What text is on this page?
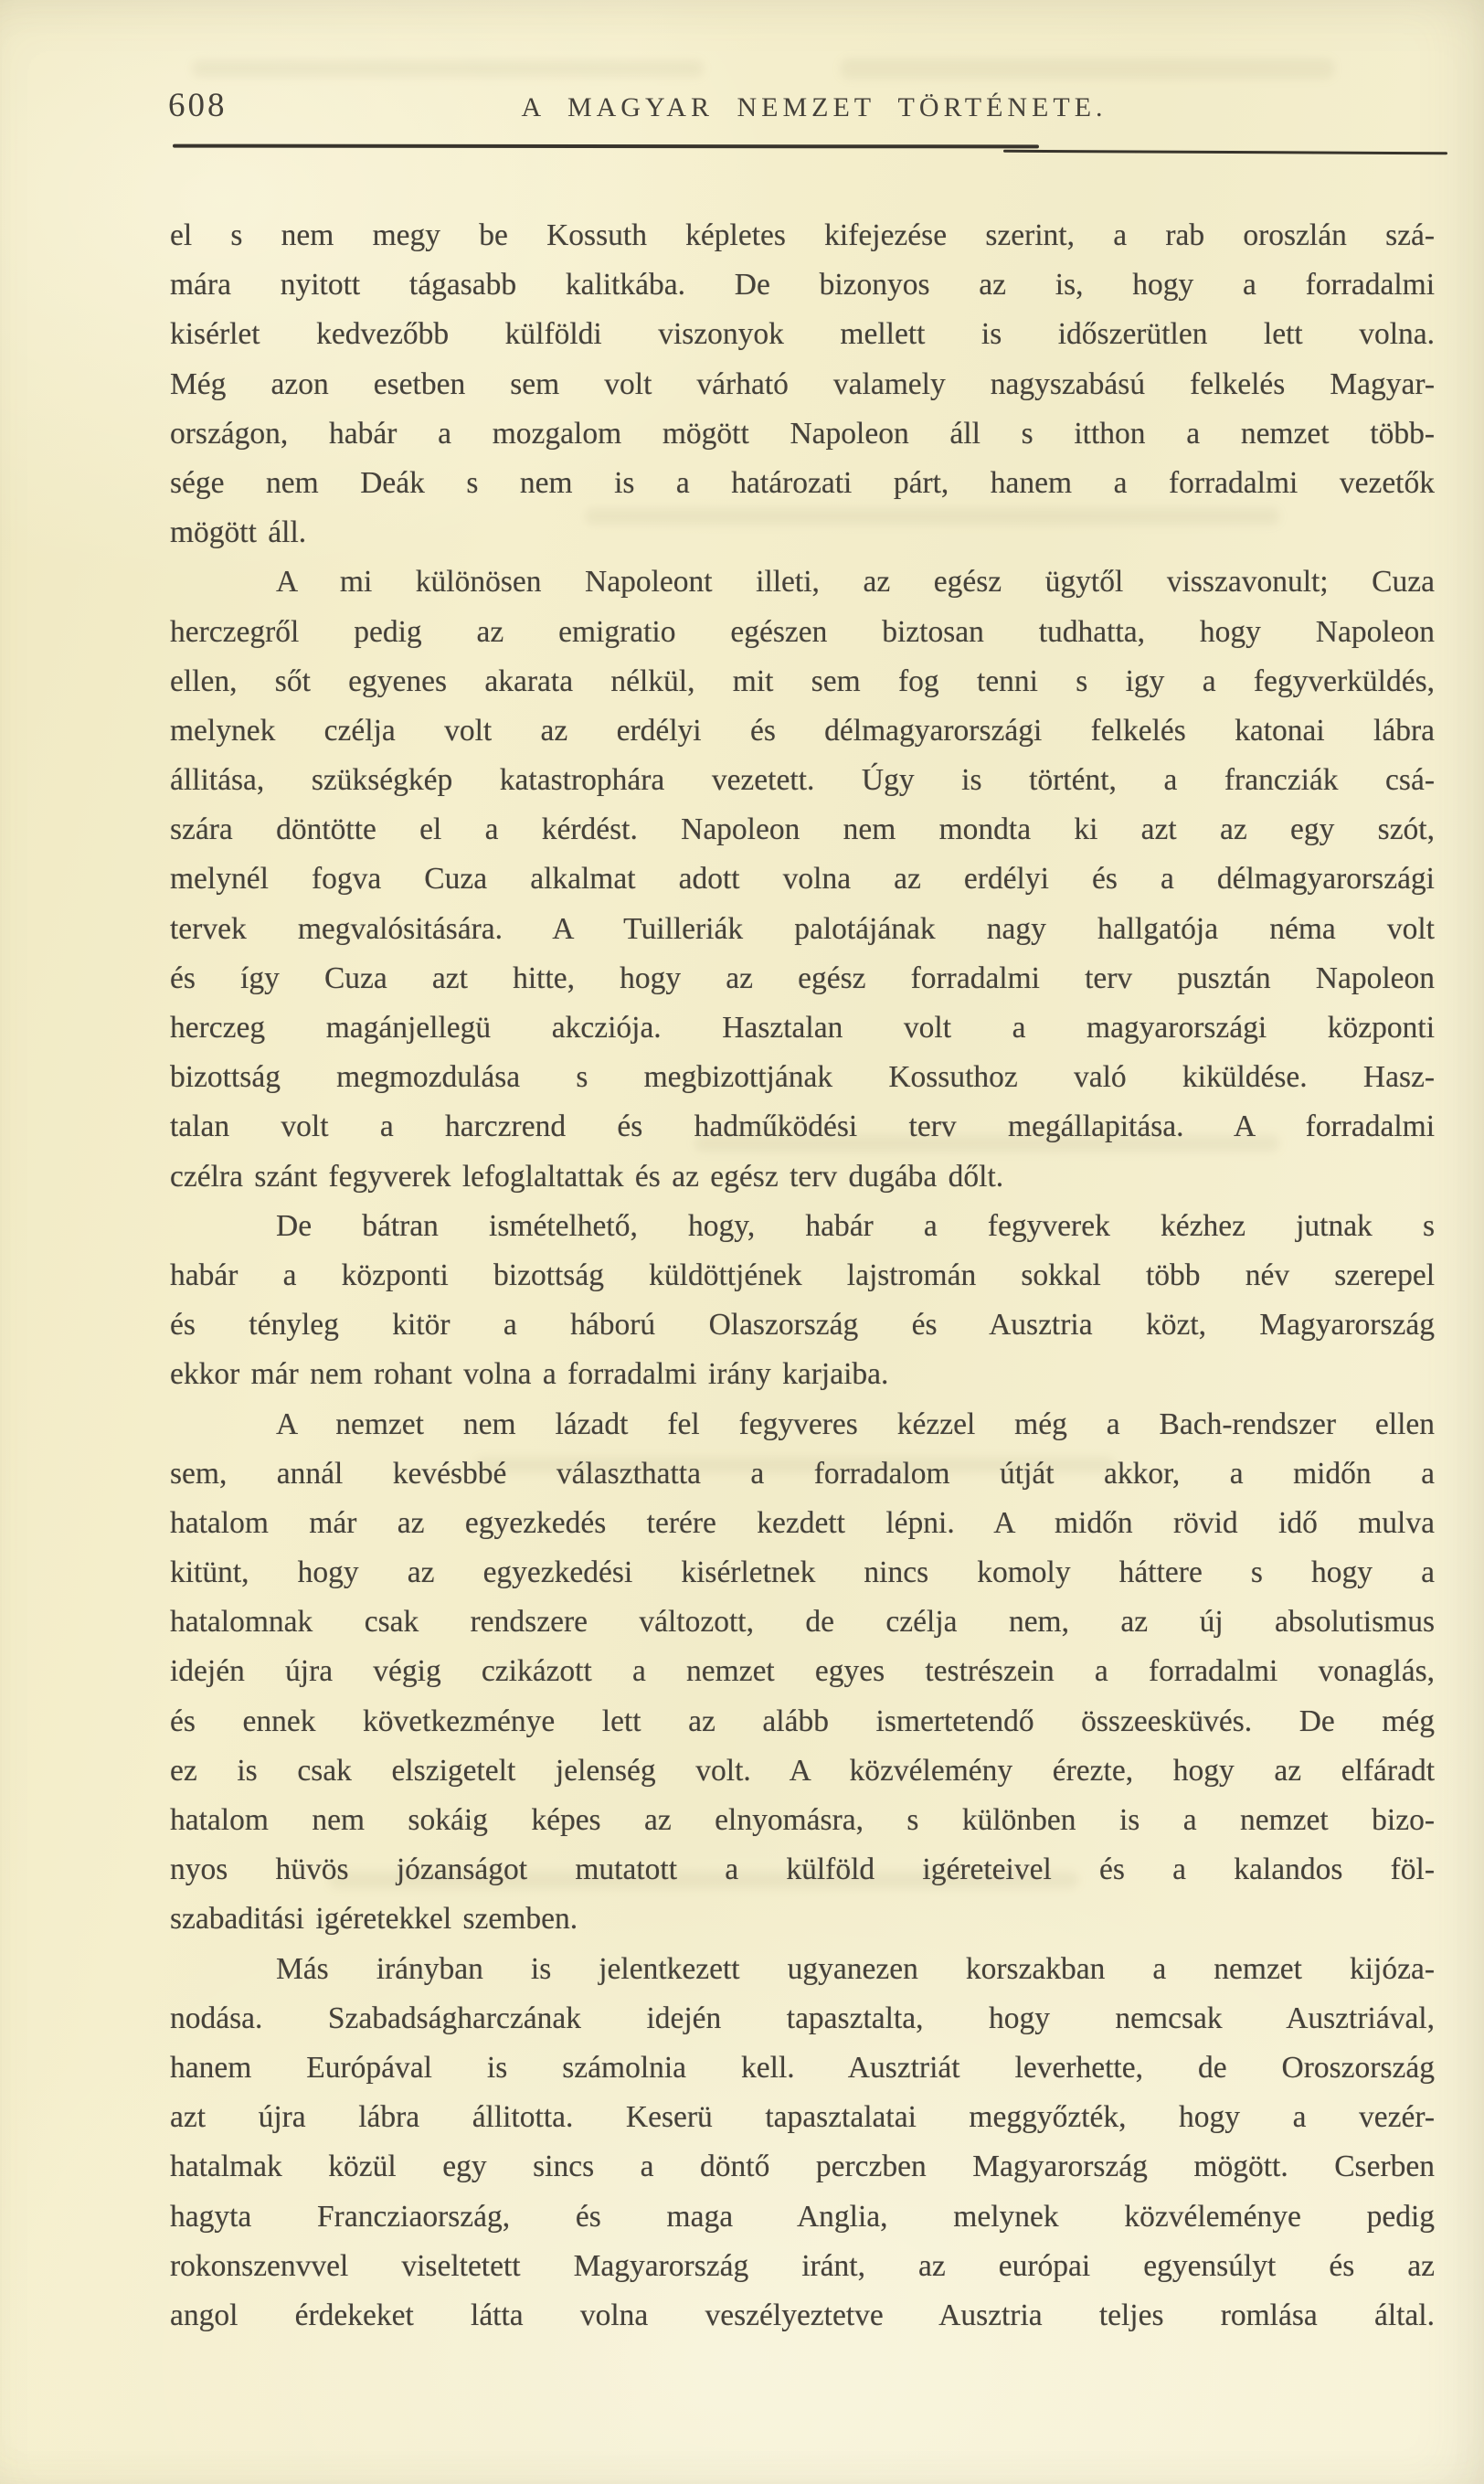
608	A MAGYAR NEMZET TÖRTÉNETE.
el s nem megy be Kossuth képletes kifejezése szerint, a rab oroszlán szá-
mára nyitott tágasabb kalitkába. De bizonyos az is, hogy a forradalmi
kisérlet kedvezőbb külföldi viszonyok mellett is időszerütlen lett volna.
Még azon esetben sem volt várható valamely nagyszabású felkelés Magyar-
országon, habár a mozgalom mögött Napoleon áll s itthon a nemzet több-
sége nem Deák s nem is a határozati párt, hanem a forradalmi vezetők
mögött áll.
A mi különösen Napoleont illeti, az egész ügytől visszavonult; Cuza
herczegről pedig az emigratio egészen biztosan tudhatta, hogy Napoleon
ellen, sőt egyenes akarata nélkül, mit sem fog tenni s igy a fegyverküldés,
melynek czélja volt az erdélyi és délmagyarországi felkelés katonai lábra
állitása, szükségkép katastrophára vezetett. Úgy is történt, a francziák csá-
szára döntötte el a kérdést. Napoleon nem mondta ki azt az egy szót,
melynél fogva Cuza alkalmat adott volna az erdélyi és a délmagyarországi
tervek megvalósitására. A Tuilleriák palotájának nagy hallgatója néma volt
és így Cuza azt hitte, hogy az egész forradalmi terv pusztán Napoleon
herczeg magánjellegü akcziója. Hasztalan volt a magyarországi központi
bizottság megmozdulása s megbizottjának Kossuthoz való kiküldése. Hasz-
talan volt a harczrend és hadműködési terv megállapitása. A forradalmi
czélra szánt fegyverek lefoglaltattak és az egész terv dugába dőlt.
De bátran ismételhető, hogy, habár a fegyverek kézhez jutnak s
habár a központi bizottság küldöttjének lajstromán sokkal több név szerepel
és tényleg kitör a háború Olaszország és Ausztria közt, Magyarország
ekkor már nem rohant volna a forradalmi irány karjaiba.
A nemzet nem lázadt fel fegyveres kézzel még a Bach-rendszer ellen
sem, annál kevésbbé választhatta a forradalom útját akkor, a midőn a
hatalom már az egyezkedés terére kezdett lépni. A midőn rövid idő mulva
kitünt, hogy az egyezkedési kisérletnek nincs komoly háttere s hogy a
hatalomnak csak rendszere változott, de czélja nem, az új absolutismus
idején újra végig czikázott a nemzet egyes testrészein a forradalmi vonaglás,
és ennek következménye lett az alább ismertetendő összeesküvés. De még
ez is csak elszigetelt jelenség volt. A közvélemény érezte, hogy az elfáradt
hatalom nem sokáig képes az elnyomásra, s különben is a nemzet bizo-
nyos hüvös józanságot mutatott a külföld igéreteivel és a kalandos föl-
szabaditási igéretekkel szemben.
Más irányban is jelentkezett ugyanezen korszakban a nemzet kijóza-
nodása. Szabadságharczának idején tapasztalta, hogy nemcsak Ausztriával,
hanem Európával is számolnia kell. Ausztriát leverhette, de Oroszország
azt újra lábra állitotta. Keserü tapasztalatai meggyőzték, hogy a vezér-
hatalmak közül egy sincs a döntő perczben Magyarország mögött. Cserben
hagyta Francziaország, és maga Anglia, melynek közvéleménye pedig
rokonszenvvel viseltetett Magyarország iránt, az európai egyensúlyt és az
angol érdekeket látta volna veszélyeztetve Ausztria teljes romlása által.
